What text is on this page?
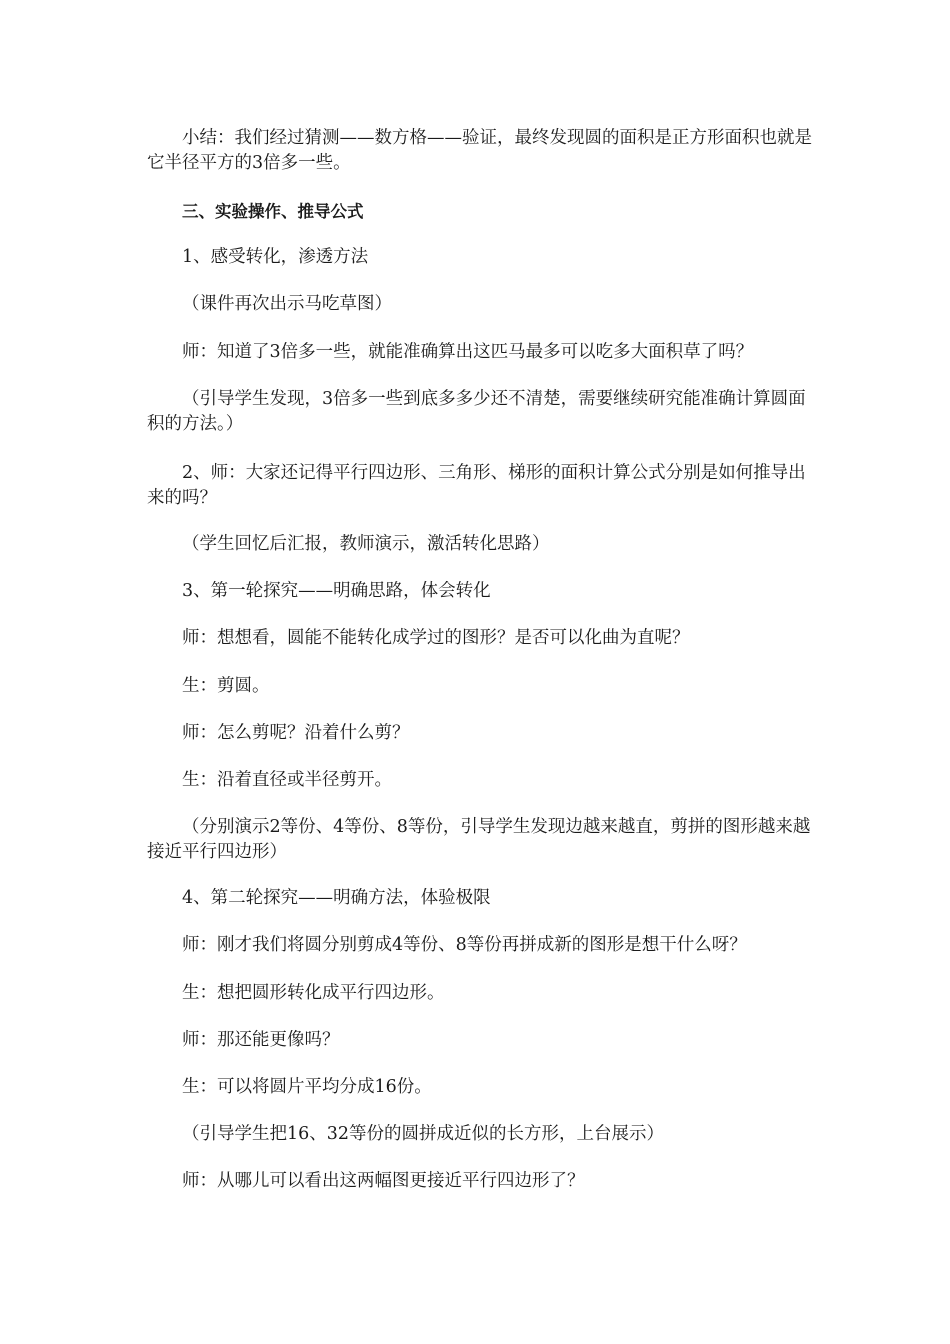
小结：我们经过猜测——数方格——验证，最终发现圆的面积是正方形面积也就是它半径平方的3倍多一些。
三、实验操作、推导公式
1、感受转化，渗透方法
（课件再次出示马吃草图）
师：知道了3倍多一些，就能准确算出这匹马最多可以吃多大面积草了吗？
（引导学生发现，3倍多一些到底多多少还不清楚，需要继续研究能准确计算圆面积的方法。）
2、师：大家还记得平行四边形、三角形、梯形的面积计算公式分别是如何推导出来的吗？
（学生回忆后汇报，教师演示，激活转化思路）
3、第一轮探究——明确思路，体会转化
师：想想看，圆能不能转化成学过的图形？是否可以化曲为直呢？
生：剪圆。
师：怎么剪呢？沿着什么剪？
生：沿着直径或半径剪开。
（分别演示2等份、4等份、8等份，引导学生发现边越来越直，剪拼的图形越来越接近平行四边形）
4、第二轮探究——明确方法，体验极限
师：刚才我们将圆分别剪成4等份、8等份再拼成新的图形是想干什么呀？
生：想把圆形转化成平行四边形。
师：那还能更像吗？
生：可以将圆片平均分成16份。
（引导学生把16、32等份的圆拼成近似的长方形，上台展示）
师：从哪儿可以看出这两幅图更接近平行四边形了？
